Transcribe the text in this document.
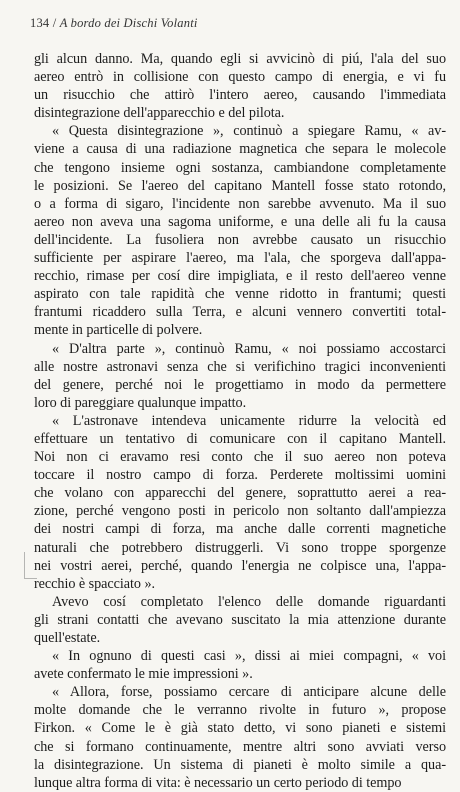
134 / A bordo dei Dischi Volanti
gli alcun danno. Ma, quando egli si avvicinò di piú, l'ala del suo
aereo entrò in collisione con questo campo di energia, e vi fu
un risucchio che attirò l'intero aereo, causando l'immediata
disintegrazione dell'apparecchio e del pilota.
« Questa disintegrazione », continuò a spiegare Ramu, « av-
viene a causa di una radiazione magnetica che separa le molecole
che tengono insieme ogni sostanza, cambiandone completamente
le posizioni. Se l'aereo del capitano Mantell fosse stato rotondo,
o a forma di sigaro, l'incidente non sarebbe avvenuto. Ma il suo
aereo non aveva una sagoma uniforme, e una delle ali fu la causa
dell'incidente. La fusoliera non avrebbe causato un risucchio
sufficiente per aspirare l'aereo, ma l'ala, che sporgeva dall'appa-
recchio, rimase per cosí dire impigliata, e il resto dell'aereo venne
aspirato con tale rapidità che venne ridotto in frantumi; questi
frantumi ricaddero sulla Terra, e alcuni vennero convertiti total-
mente in particelle di polvere.
« D'altra parte », continuò Ramu, « noi possiamo accostarci
alle nostre astronavi senza che si verifichino tragici inconvenienti
del genere, perché noi le progettiamo in modo da permettere
loro di pareggiare qualunque impatto.
« L'astronave intendeva unicamente ridurre la velocità ed
effettuare un tentativo di comunicare con il capitano Mantell.
Noi non ci eravamo resi conto che il suo aereo non poteva
toccare il nostro campo di forza. Perderete moltissimi uomini
che volano con apparecchi del genere, soprattutto aerei a rea-
zione, perché vengono posti in pericolo non soltanto dall'ampiezza
dei nostri campi di forza, ma anche dalle correnti magnetiche
naturali che potrebbero distruggerli. Vi sono troppe sporgenze
nei vostri aerei, perché, quando l'energia ne colpisce una, l'appa-
recchio è spacciato ».
Avevo cosí completato l'elenco delle domande riguardanti
gli strani contatti che avevano suscitato la mia attenzione durante
quell'estate.
« In ognuno di questi casi », dissi ai miei compagni, « voi
avete confermato le mie impressioni ».
« Allora, forse, possiamo cercare di anticipare alcune delle
molte domande che le verranno rivolte in futuro », propose
Firkon. « Come le è già stato detto, vi sono pianeti e sistemi
che si formano continuamente, mentre altri sono avviati verso
la disintegrazione. Un sistema di pianeti è molto simile a qua-
lunque altra forma di vita: è necessario un certo periodo di tempo
